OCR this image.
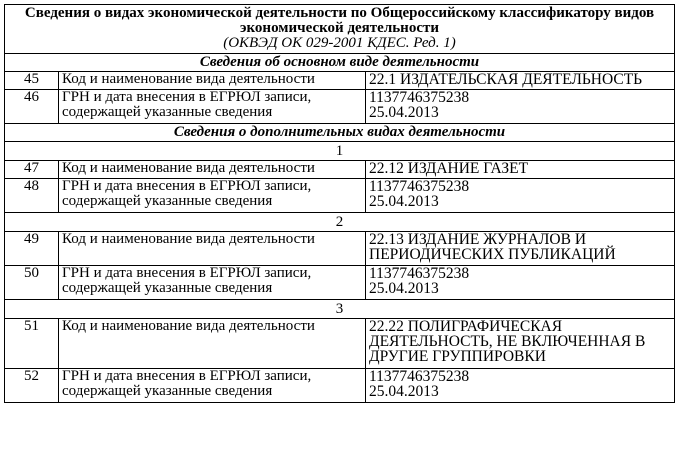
Сведения о видах экономической деятельности по Общероссийскому классификатору видов экономической деятельности
(ОКВЭД ОК 029-2001 КДЕС. Ред. 1)		

Сведения об основном виде деятельности		
45	Код и наименование вида деятельности	22.1 ИЗДАТЕЛЬСКАЯ ДЕЯТЕЛЬНОСТЬ
46	ГРН и дата внесения в ЕГРЮЛ записи, содержащей указанные сведения	1137746375238
25.04.2013

Сведения о дополнительных видах деятельности		
1		
47	Код и наименование вида деятельности	22.12 ИЗДАНИЕ ГАЗЕТ
48	ГРН и дата внесения в ЕГРЮЛ записи, содержащей указанные сведения	1137746375238
25.04.2013

2		
49	Код и наименование вида деятельности	22.13 ИЗДАНИЕ ЖУРНАЛОВ И ПЕРИОДИЧЕСКИХ ПУБЛИКАЦИЙ
50	ГРН и дата внесения в ЕГРЮЛ записи, содержащей указанные сведения	1137746375238
25.04.2013

3		
51	Код и наименование вида деятельности	22.22 ПОЛИГРАФИЧЕСКАЯ ДЕЯТЕЛЬНОСТЬ, НЕ ВКЛЮЧЕННАЯ В ДРУГИЕ ГРУППИРОВКИ
52	ГРН и дата внесения в ЕГРЮЛ записи, содержащей указанные сведения	1137746375238
25.04.2013
